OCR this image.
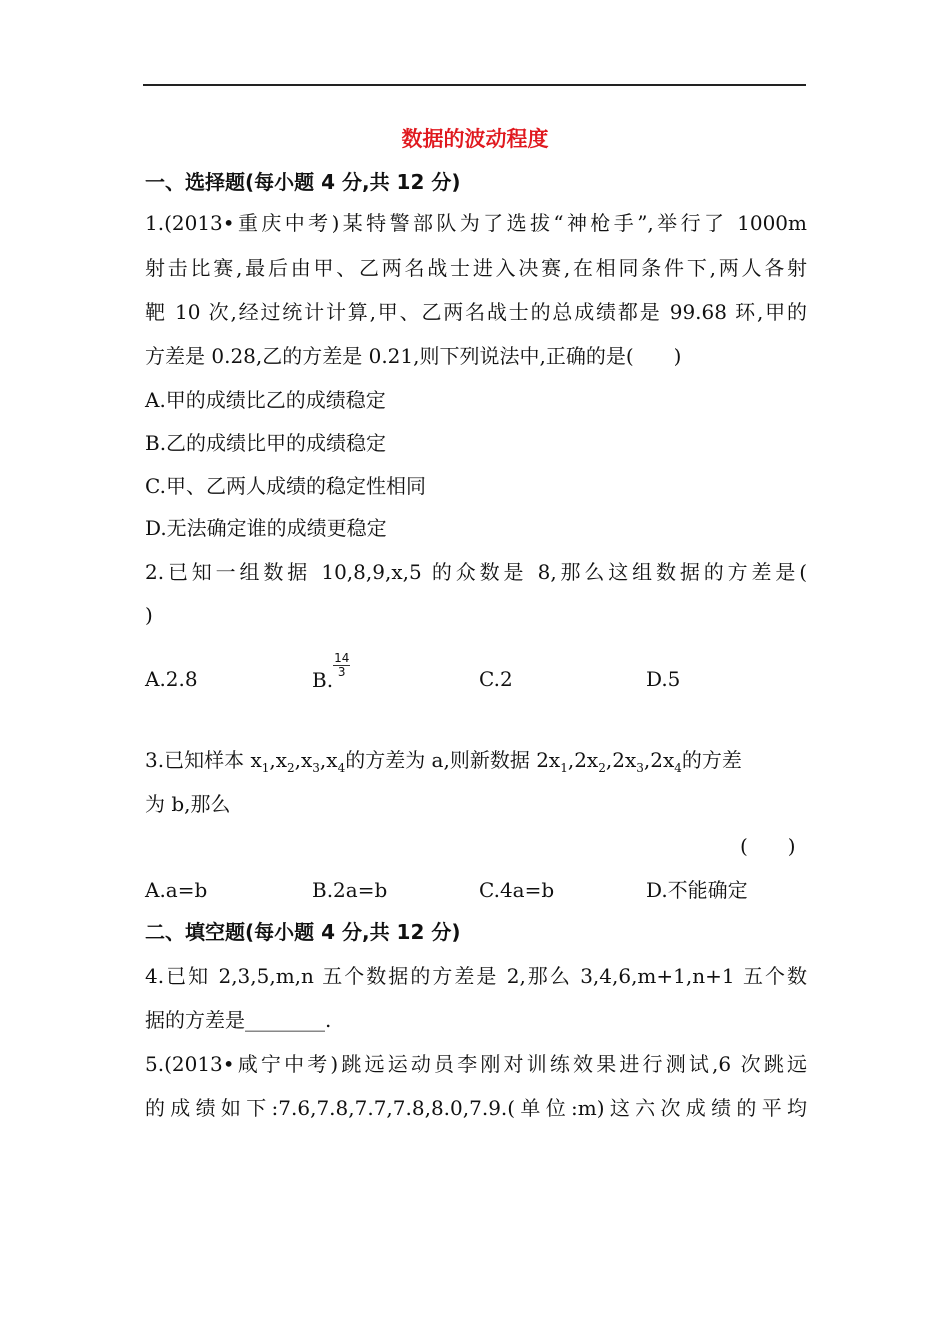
数据的波动程度
一、选择题(每小题 4 分,共 12 分)
1.(2013•重庆中考)某特警部队为了选拔“神枪手”,举行了 1000m
射击比赛,最后由甲、乙两名战士进入决赛,在相同条件下,两人各射
靶 10 次,经过统计计算,甲、乙两名战士的总成绩都是 99.68 环,甲的
方差是 0.28,乙的方差是 0.21,则下列说法中,正确的是(　　)
A.甲的成绩比乙的成绩稳定
B.乙的成绩比甲的成绩稳定
C.甲、乙两人成绩的稳定性相同
D.无法确定谁的成绩更稳定
2.已知一组数据 10,8,9,x,5 的众数是 8,那么这组数据的方差是(
)
A.2.8	B.
$\frac{14}{3}$	C.2	D.5
3.已知样本 $x_1,x_2,x_3,x_4$的方差为 a,则新数据 $2x_1,2x_2,2x_3,2x_4$的方差
为 b,那么
(　　)
A.a=b	B.2a=b	C.4a=b	D.不能确定
二、填空题(每小题 4 分,共 12 分)
4.已知 2,3,5,m,n 五个数据的方差是 2,那么 3,4,6,m+1,n+1 五个数
据的方差是________.
5.(2013•咸宁中考)跳远运动员李刚对训练效果进行测试,6 次跳远
的成绩如下:7.6,7.8,7.7,7.8,8.0,7.9.(单位:m)这六次成绩的平均
